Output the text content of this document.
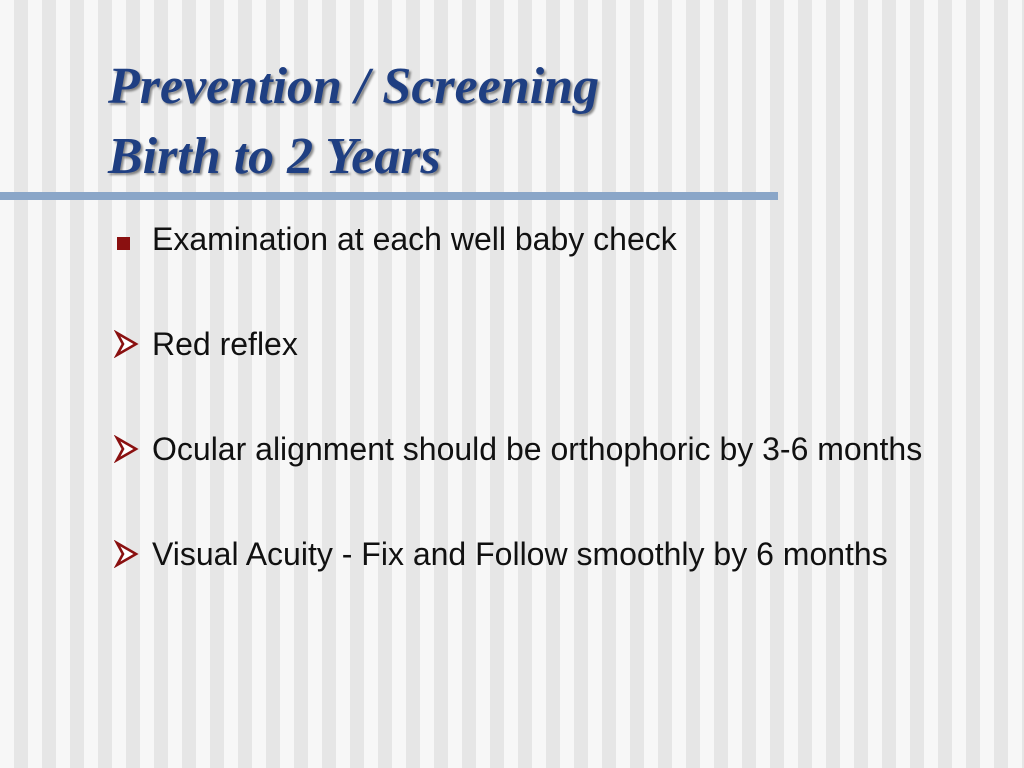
Prevention / Screening
Birth to 2 Years
Examination at each well baby check
Red reflex
Ocular alignment should be orthophoric by 3-6 months
Visual Acuity - Fix and Follow smoothly by 6 months
